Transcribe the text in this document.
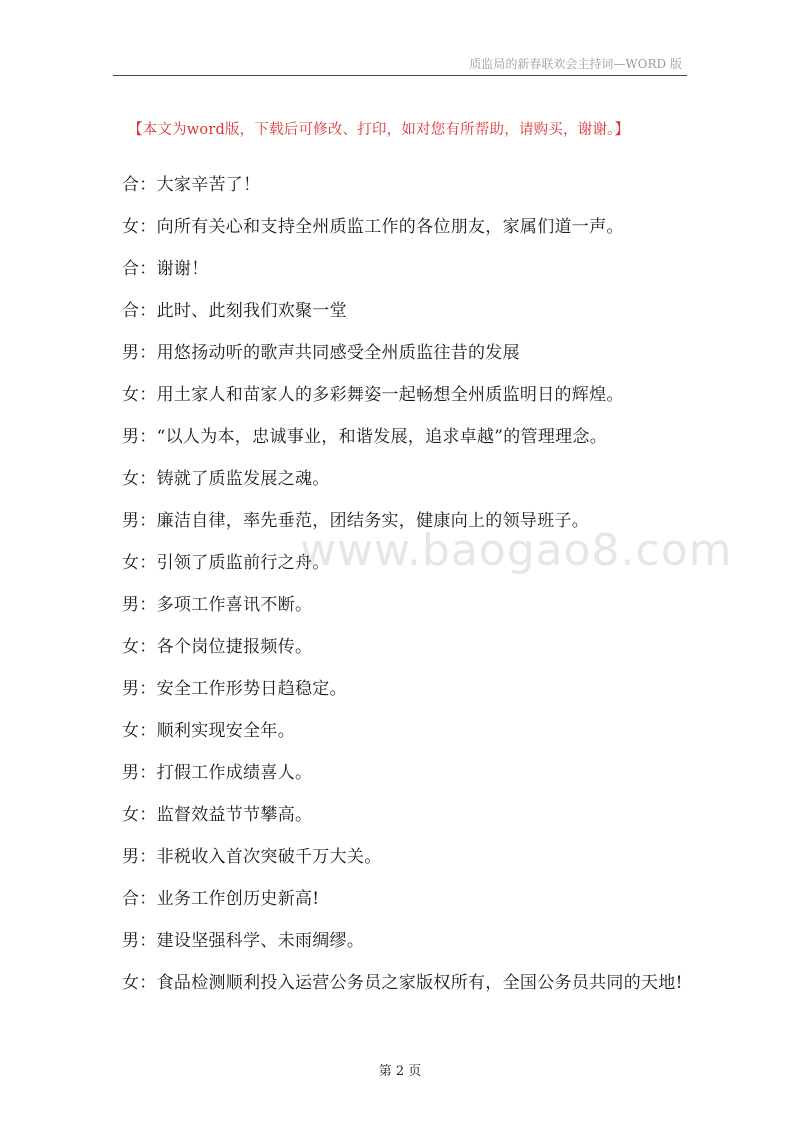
质监局的新春联欢会主持词—WORD 版
【本文为word版，下载后可修改、打印，如对您有所帮助，请购买，谢谢。】
www.baogao8.com
合：大家辛苦了！
女：向所有关心和支持全州质监工作的各位朋友，家属们道一声。
合：谢谢！
合：此时、此刻我们欢聚一堂
男：用悠扬动听的歌声共同感受全州质监往昔的发展
女：用土家人和苗家人的多彩舞姿一起畅想全州质监明日的辉煌。
男：“以人为本，忠诚事业，和谐发展，追求卓越”的管理理念。
女：铸就了质监发展之魂。
男：廉洁自律，率先垂范，团结务实，健康向上的领导班子。
女：引领了质监前行之舟。
男：多项工作喜讯不断。
女：各个岗位捷报频传。
男：安全工作形势日趋稳定。
女：顺利实现安全年。
男：打假工作成绩喜人。
女：监督效益节节攀高。
男：非税收入首次突破千万大关。
合：业务工作创历史新高!
男：建设坚强科学、未雨绸缪。
女：食品检测顺利投入运营公务员之家版权所有，全国公务员共同的天地!
第 2 页
